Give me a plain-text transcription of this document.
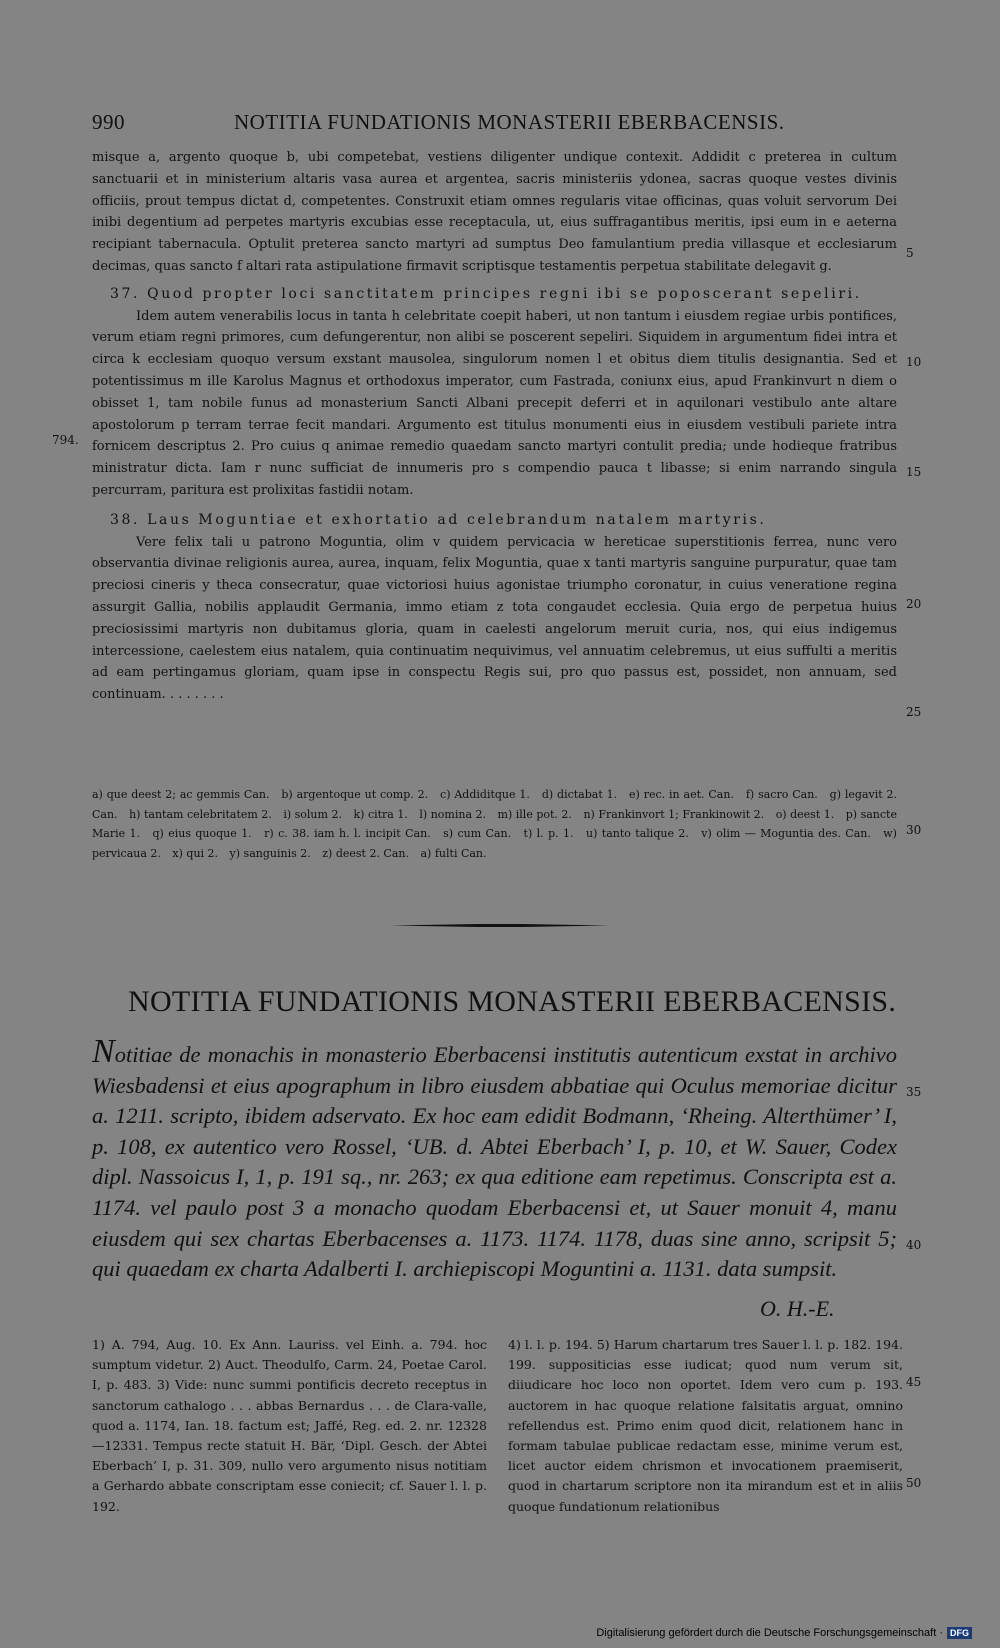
990	NOTITIA FUNDATIONIS MONASTERII EBERBACENSIS.

misque a, argento quoque b, ubi competebat, vestiens diligenter undique contexit. Addidit c preterea in cultum sanctuarii et in ministerium altaris vasa aurea et argentea, sacris ministeriis ydonea, sacras quoque vestes divinis officiis, prout tempus dictat d, competentes. Construxit etiam omnes regularis vitae officinas, quas voluit servorum Dei inibi degentium ad perpetes martyris excubias esse receptacula, ut, eius suffragantibus meritis, ipsi eum in e aeterna recipiant tabernacula. Optulit preterea sancto martyri ad sumptus Deo famulantium predia villasque et ecclesiarum decimas, quas sancto f altari rata astipulatione firmavit scriptisque testamentis perpetua stabilitate delegavit g.

37. Quod propter loci sanctitatem principes regni ibi se poposcerant sepeliri.

Idem autem venerabilis locus in tanta h celebritate coepit haberi, ut non tantum i eiusdem regiae urbis pontifices, verum etiam regni primores, cum defungerentur, non alibi se poscerent sepeliri. Siquidem in argumentum fidei intra et circa k ecclesiam quoquo versum exstant mausolea, singulorum nomen l et obitus diem titulis designantia. Sed et potentissimus m ille Karolus Magnus et orthodoxus imperator, cum Fastrada, coniunx eius, apud Frankinvurt n diem o obisset 1, tam nobile funus ad monasterium Sancti Albani precepit deferri et in aquilonari vestibulo ante altare apostolorum p terram terrae fecit mandari. Argumento est titulus monumenti eius in eiusdem vestibuli pariete intra fornicem descriptus 2. Pro cuius q animae remedio quaedam sancto martyri contulit predia; unde hodieque fratribus ministratur dicta. Iam r nunc sufficiat de innumeris pro s compendio pauca t libasse; si enim narrando singula percurram, paritura est prolixitas fastidii notam.

38. Laus Moguntiae et exhortatio ad celebrandum natalem martyris.

Vere felix tali u patrono Moguntia, olim v quidem pervicacia w hereticae superstitionis ferrea, nunc vero observantia divinae religionis aurea, aurea, inquam, felix Moguntia, quae x tanti martyris sanguine purpuratur, quae tam preciosi cineris y theca consecratur, quae victoriosi huius agonistae triumpho coronatur, in cuius veneratione regina assurgit Gallia, nobilis applaudit Germania, immo etiam z tota congaudet ecclesia. Quia ergo de perpetua huius preciosissimi martyris non dubitamus gloria, quam in caelesti angelorum meruit curia, nos, qui eius indigemus intercessione, caelestem eius natalem, quia continuatim nequivimus, vel annuatim celebremus, ut eius suffulti a meritis ad eam pertingamus gloriam, quam ipse in conspectu Regis sui, pro quo passus est, possidet, non annuam, sed continuam. . . . . . . .

5
10
15
20
25
30
794.
a) que deest 2; ac gemmis Can. b) argentoque ut comp. 2. c) Addiditque 1. d) dictabat 1. e) rec. in aet. Can. f) sacro Can. g) legavit 2. Can. h) tantam celebritatem 2. i) solum 2. k) citra 1. l) nomina 2. m) ille pot. 2. n) Frankinvort 1; Frankinowit 2. o) deest 1. p) sancte Marie 1. q) eius quoque 1. r) c. 38. iam h. l. incipit Can. s) cum Can. t) l. p. 1. u) tanto talique 2. v) olim — Moguntia des. Can. w) pervicaua 2. x) qui 2. y) sanguinis 2. z) deest 2. Can. a) fulti Can.
NOTITIA FUNDATIONIS MONASTERII EBERBACENSIS.
Notitiae de monachis in monasterio Eberbacensi institutis autenticum exstat in archivo Wiesbadensi et eius apographum in libro eiusdem abbatiae qui Oculus memoriae dicitur a. 1211. scripto, ibidem adservato. Ex hoc eam edidit Bodmann, ‘Rheing. Alterthümer’ I, p. 108, ex autentico vero Rossel, ‘UB. d. Abtei Eberbach’ I, p. 10, et W. Sauer, Codex dipl. Nassoicus I, 1, p. 191 sq., nr. 263; ex qua editione eam repetimus. Conscripta est a. 1174. vel paulo post 3 a monacho quodam Eberbacensi et, ut Sauer monuit 4, manu eiusdem qui sex chartas Eberbacenses a. 1173. 1174. 1178, duas sine anno, scripsit 5; qui quaedam ex charta Adalberti I. archiepiscopi Moguntini a. 1131. data sumpsit.
O. H.-E.
35
40
45
50

1) A. 794, Aug. 10. Ex Ann. Lauriss. vel Einh. a. 794. hoc sumptum videtur. 2) Auct. Theodulfo, Carm. 24, Poetae Carol. I, p. 483. 3) Vide: nunc summi pontificis decreto receptus in sanctorum cathalogo . . . abbas Bernardus . . . de Clara-valle, quod a. 1174, Ian. 18. factum est; Jaffé, Reg. ed. 2. nr. 12328—12331. Tempus recte statuit H. Bär, ‘Dipl. Gesch. der Abtei Eberbach’ I, p. 31. 309, nullo vero argumento nisus notitiam a Gerhardo abbate conscriptam esse coniecit; cf. Sauer l. l. p. 192.

4) l. l. p. 194. 5) Harum chartarum tres Sauer l. l. p. 182. 194. 199. suppositicias esse iudicat; quod num verum sit, diiudicare hoc loco non oportet. Idem vero cum p. 193. auctorem in hac quoque relatione falsitatis arguat, omnino refellendus est. Primo enim quod dicit, relationem hanc in formam tabulae publicae redactam esse, minime verum est, licet auctor eidem chrismon et invocationem praemiserit, quod in chartarum scriptore non ita mirandum est et in aliis quoque fundationum relationibus

Digitalisierung gefördert durch die Deutsche Forschungsgemeinschaft · DFG
